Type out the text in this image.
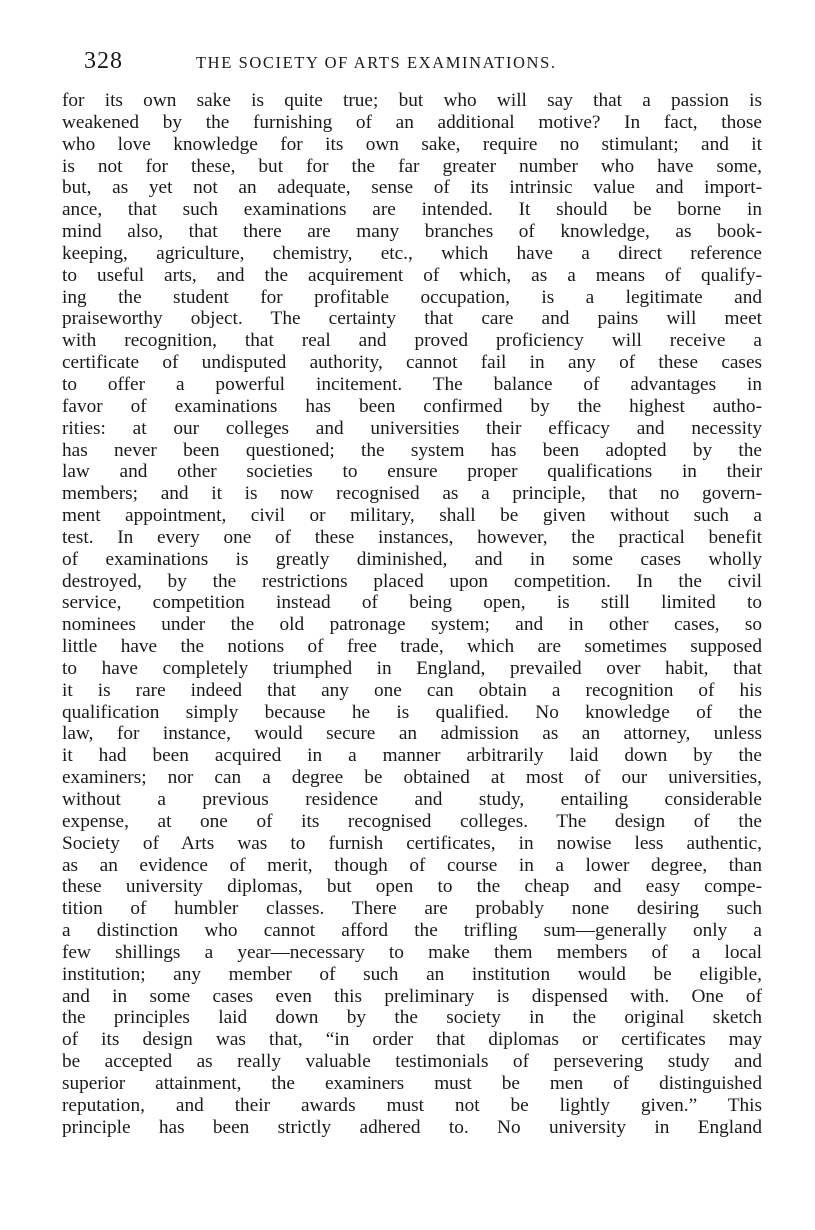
328	THE SOCIETY OF ARTS EXAMINATIONS.
for its own sake is quite true; but who will say that a passion is
weakened by the furnishing of an additional motive? In fact, those
who love knowledge for its own sake, require no stimulant; and it
is not for these, but for the far greater number who have some,
but, as yet not an adequate, sense of its intrinsic value and import-
ance, that such examinations are intended. It should be borne in
mind also, that there are many branches of knowledge, as book-
keeping, agriculture, chemistry, etc., which have a direct reference
to useful arts, and the acquirement of which, as a means of qualify-
ing the student for profitable occupation, is a legitimate and
praiseworthy object. The certainty that care and pains will meet
with recognition, that real and proved proficiency will receive a
certificate of undisputed authority, cannot fail in any of these cases
to offer a powerful incitement. The balance of advantages in
favor of examinations has been confirmed by the highest autho-
rities: at our colleges and universities their efficacy and necessity
has never been questioned; the system has been adopted by the
law and other societies to ensure proper qualifications in their
members; and it is now recognised as a principle, that no govern-
ment appointment, civil or military, shall be given without such a
test. In every one of these instances, however, the practical benefit
of examinations is greatly diminished, and in some cases wholly
destroyed, by the restrictions placed upon competition. In the civil
service, competition instead of being open, is still limited to
nominees under the old patronage system; and in other cases, so
little have the notions of free trade, which are sometimes supposed
to have completely triumphed in England, prevailed over habit, that
it is rare indeed that any one can obtain a recognition of his
qualification simply because he is qualified. No knowledge of the
law, for instance, would secure an admission as an attorney, unless
it had been acquired in a manner arbitrarily laid down by the
examiners; nor can a degree be obtained at most of our universities,
without a previous residence and study, entailing considerable
expense, at one of its recognised colleges. The design of the
Society of Arts was to furnish certificates, in nowise less authentic,
as an evidence of merit, though of course in a lower degree, than
these university diplomas, but open to the cheap and easy compe-
tition of humbler classes. There are probably none desiring such
a distinction who cannot afford the trifling sum—generally only a
few shillings a year—necessary to make them members of a local
institution; any member of such an institution would be eligible,
and in some cases even this preliminary is dispensed with. One of
the principles laid down by the society in the original sketch
of its design was that, “in order that diplomas or certificates may
be accepted as really valuable testimonials of persevering study and
superior attainment, the examiners must be men of distinguished
reputation, and their awards must not be lightly given.” This
principle has been strictly adhered to. No university in England
